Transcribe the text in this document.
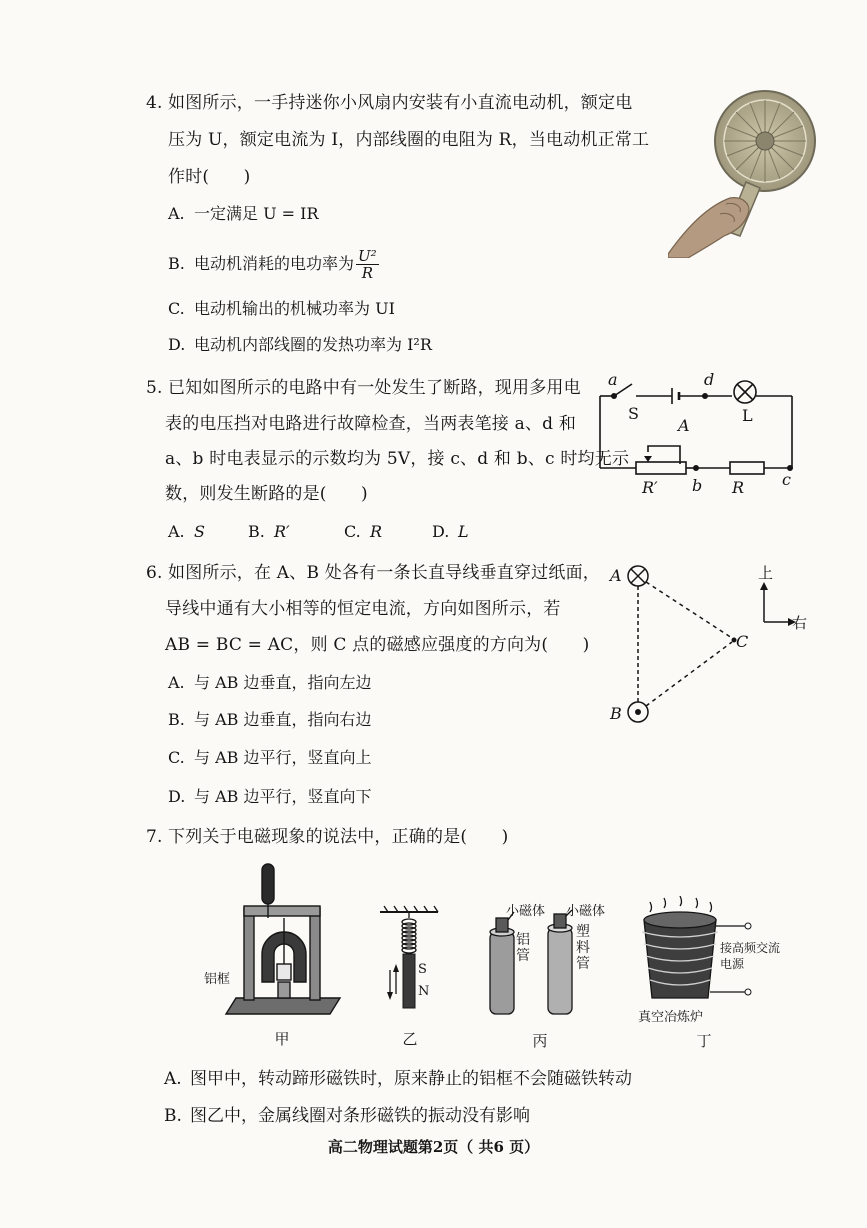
4. 如图所示，一手持迷你小风扇内安装有小直流电动机，额定电
压为 U，额定电流为 I，内部线圈的电阻为 R，当电动机正常工
作时(　　)
A. 一定满足 U = IR
B. 电动机消耗的电功率为 $\frac{\text{U²}}{R}$
C. 电动机输出的机械功率为 UI
D. 电动机内部线圈的发热功率为 I²R
5. 已知如图所示的电路中有一处发生了断路，现用多用电
表的电压挡对电路进行故障检查，当两表笔接 a、d 和
a、b 时电表显示的示数均为 5V，接 c、d 和 b、c 时均无示
数，则发生断路的是(　　)
A. S	B. R′	C. R	D. L
a	d
S	L
A
R′ b R c
6. 如图所示，在 A、B 处各有一条长直导线垂直穿过纸面，
导线中通有大小相等的恒定电流，方向如图所示，若
AB = BC = AC，则 C 点的磁感应强度的方向为(　　)
A. 与 AB 边垂直，指向左边
B. 与 AB 边垂直，指向右边
C. 与 AB 边平行，竖直向上
D. 与 AB 边平行，竖直向下
A
B
C
上
右
7. 下列关于电磁现象的说法中，正确的是(　　)
铝框
甲
S
N
乙
小磁体 小磁体
铝管
塑料管
丙
接高频交流电源
真空冶炼炉
丁
A. 图甲中，转动蹄形磁铁时，原来静止的铝框不会随磁铁转动
B. 图乙中，金属线圈对条形磁铁的振动没有影响
高二物理试题第2页（ 共6 页）
